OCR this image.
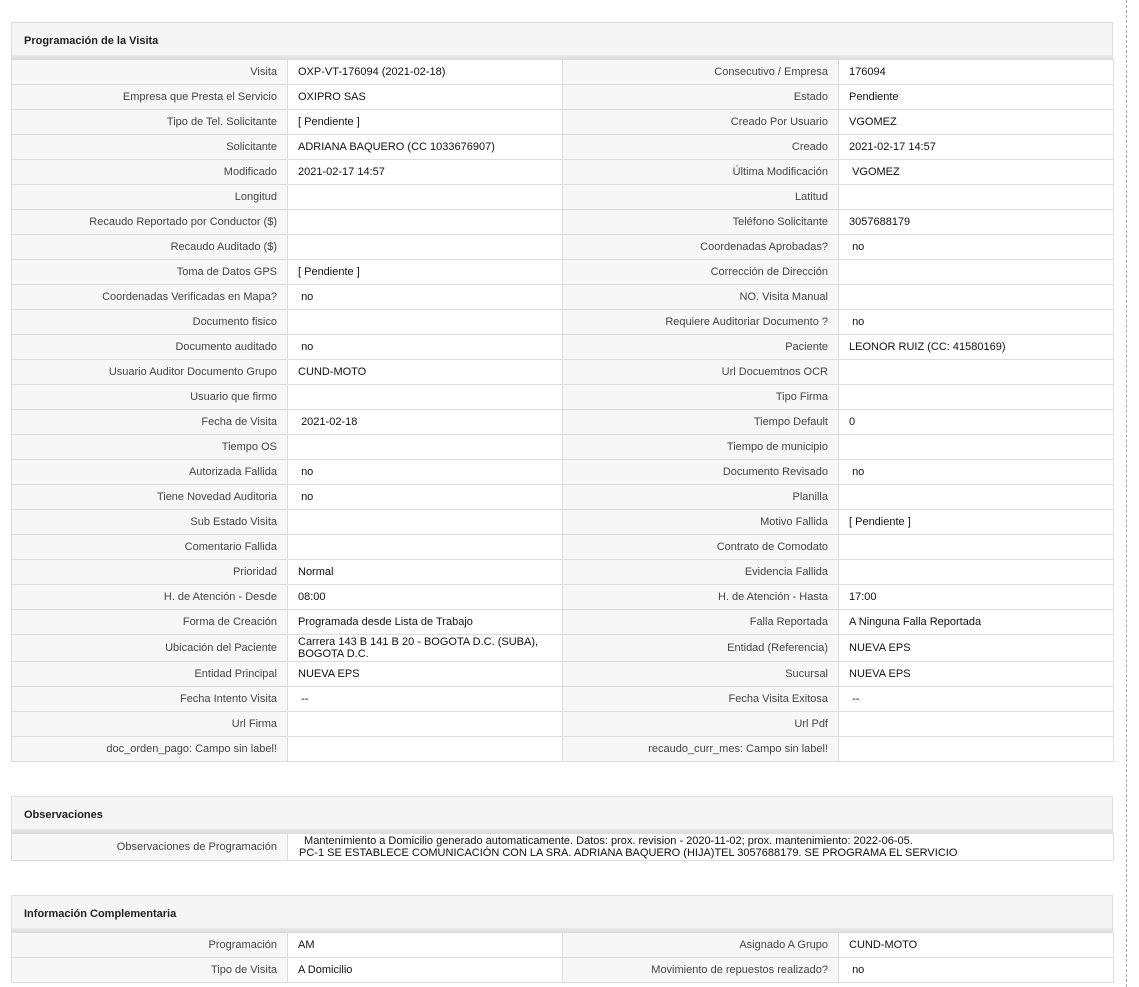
Programación de la Visita
Visita	OXP-VT-176094 (2021-02-18)	Consecutivo / Empresa	176094
Empresa que Presta el Servicio	OXIPRO SAS	Estado	Pendiente
Tipo de Tel. Solicitante	[ Pendiente ]	Creado Por Usuario	VGOMEZ
Solicitante	ADRIANA BAQUERO (CC 1033676907)	Creado	2021-02-17 14:57
Modificado	2021-02-17 14:57	Última Modificación	VGOMEZ
Longitud		Latitud	
Recaudo Reportado por Conductor ($)		Teléfono Solicitante	3057688179
Recaudo Auditado ($)		Coordenadas Aprobadas?	no
Toma de Datos GPS	[ Pendiente ]	Corrección de Dirección	
Coordenadas Verificadas en Mapa?	no	NO. Visita Manual	
Documento fisico		Requiere Auditoriar Documento ?	no
Documento auditado	no	Paciente	LEONOR RUIZ (CC: 41580169)
Usuario Auditor Documento Grupo	CUND-MOTO	Url Docuemtnos OCR	
Usuario que firmo		Tipo Firma	
Fecha de Visita	2021-02-18	Tiempo Default	0
Tiempo OS		Tiempo de municipio	
Autorizada Fallida	no	Documento Revisado	no
Tiene Novedad Auditoria	no	Planilla	
Sub Estado Visita		Motivo Fallida	[ Pendiente ]
Comentario Fallida		Contrato de Comodato	
Prioridad	Normal	Evidencia Fallida	
H. de Atención - Desde	08:00	H. de Atención - Hasta	17:00
Forma de Creación	Programada desde Lista de Trabajo	Falla Reportada	A Ninguna Falla Reportada
Ubicación del Paciente	Carrera 143 B 141 B 20 - BOGOTA D.C. (SUBA), BOGOTA D.C.	Entidad (Referencia)	NUEVA EPS
Entidad Principal	NUEVA EPS	Sucursal	NUEVA EPS
Fecha Intento Visita	--	Fecha Visita Exitosa	--
Url Firma		Url Pdf	
doc_orden_pago: Campo sin label!		recaudo_curr_mes: Campo sin label!	
Observaciones
Observaciones de Programación	Mantenimiento a Domicilio generado automaticamente. Datos: prox. revision - 2020-11-02; prox. mantenimiento: 2022-06-05.
PC-1 SE ESTABLECE COMUNICACIÓN CON LA SRA. ADRIANA BAQUERO (HIJA)TEL 3057688179. SE PROGRAMA EL SERVICIO
Información Complementaria
Programación	AM	Asignado A Grupo	CUND-MOTO
Tipo de Visita	A Domicilio	Movimiento de repuestos realizado?	no
